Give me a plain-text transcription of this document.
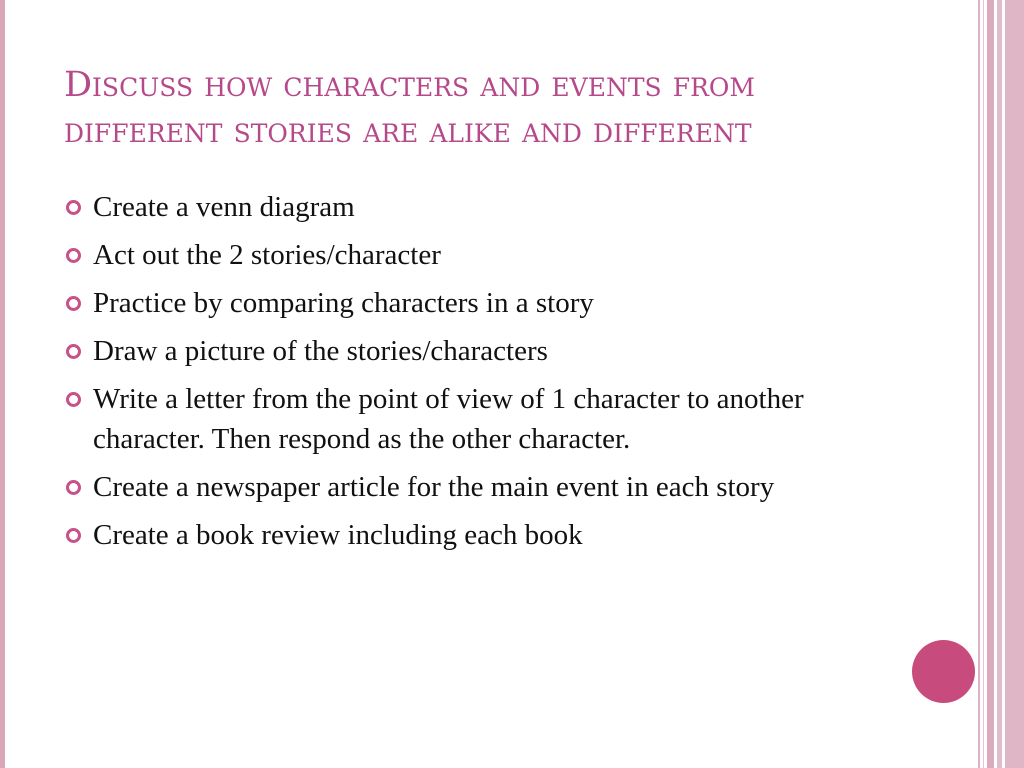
Discuss how characters and events from
different stories are alike and different
Create a venn diagram
Act out the 2 stories/character
Practice by comparing characters in a story
Draw a picture of the stories/characters
Write a letter from the point of view of 1 character to another character. Then respond as the other character.
Create a newspaper article for the main event in each story
Create a book review including each book
